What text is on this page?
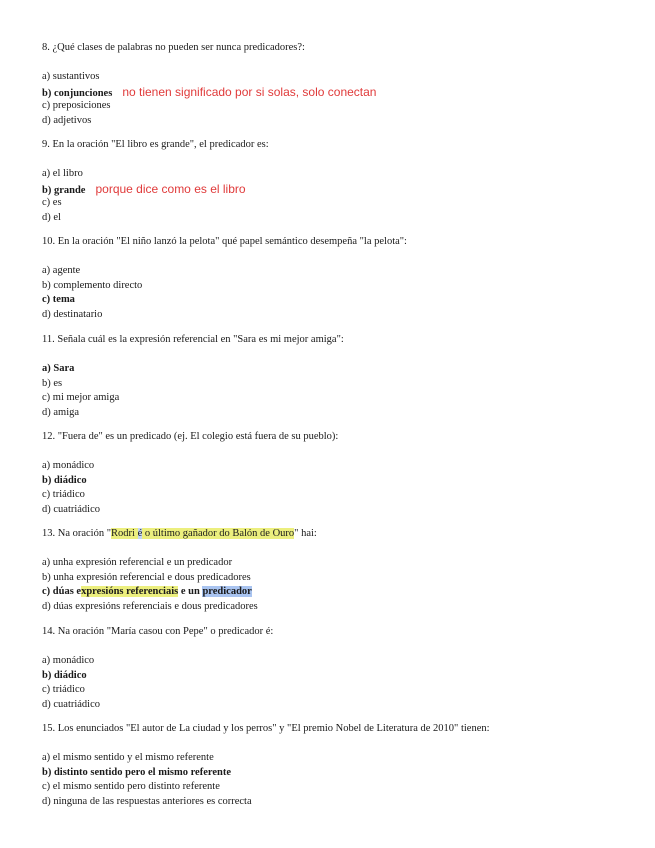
8. ¿Qué clases de palabras no pueden ser nunca predicadores?:
a) sustantivos
b) conjunciones no tienen significado por si solas, solo conectan
c) preposiciones
d) adjetivos
9. En la oración "El libro es grande", el predicador es:
a) el libro
b) grande porque dice como es el libro
c) es
d) el
10. En la oración "El niño lanzó la pelota" qué papel semántico desempeña "la pelota":
a) agente
b) complemento directo
c) tema
d) destinatario
11. Señala cuál es la expresión referencial en "Sara es mi mejor amiga":
a) Sara
b) es
c) mi mejor amiga
d) amiga
12. "Fuera de" es un predicado (ej. El colegio está fuera de su pueblo):
a) monádico
b) diádico
c) triádico
d) cuatriádico
13. Na oración "Rodri é o último gañador do Balón de Ouro" hai:
a) unha expresión referencial e un predicador
b) unha expresión referencial e dous predicadores
c) dúas expresións referenciais e un predicador
d) dúas expresións referenciais e dous predicadores
14. Na oración "María casou con Pepe" o predicador é:
a) monádico
b) diádico
c) triádico
d) cuatriádico
15. Los enunciados "El autor de La ciudad y los perros" y "El premio Nobel de Literatura de 2010" tienen:
a) el mismo sentido y el mismo referente
b) distinto sentido pero el mismo referente
c) el mismo sentido pero distinto referente
d) ninguna de las respuestas anteriores es correcta
